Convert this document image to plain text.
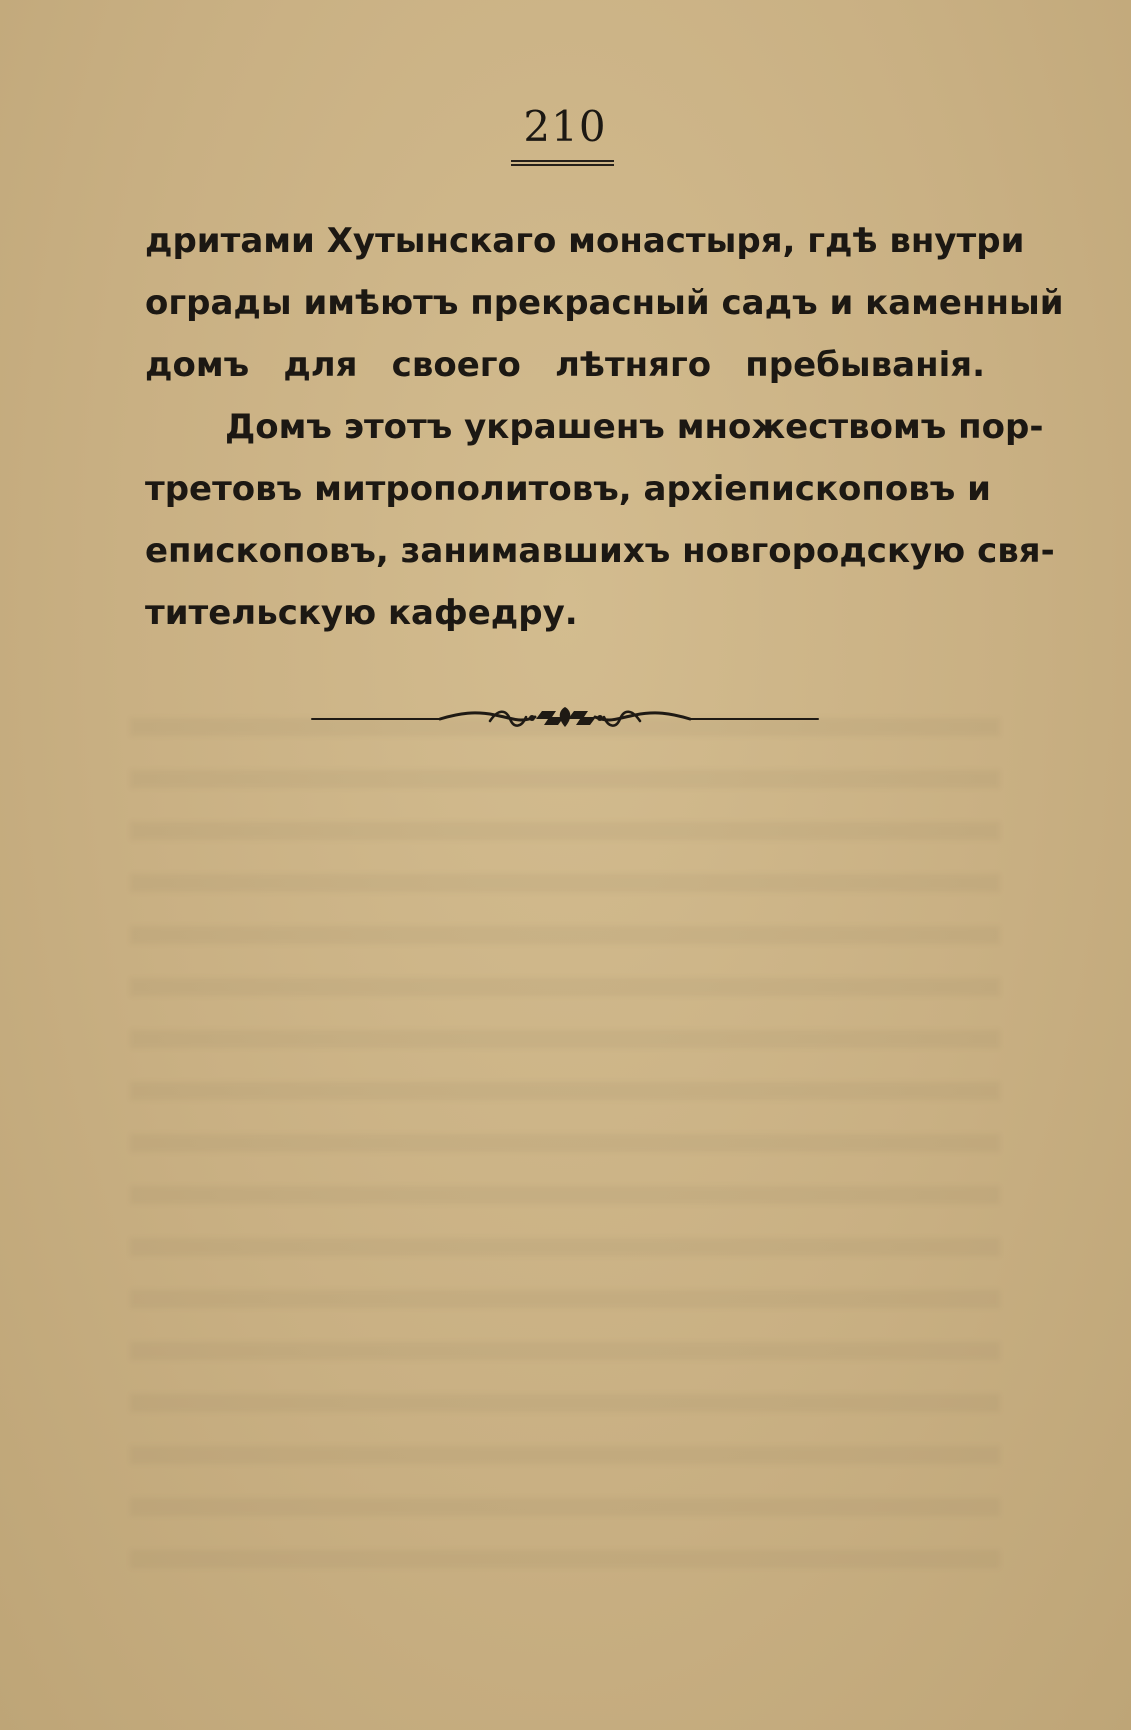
210
дритами Хутынскаго монастыря, гдѣ внутри
ограды имѣютъ прекрасный садъ и каменный
домъ для своего лѣтняго пребыванія.
Домъ этотъ украшенъ множествомъ пор-
третовъ митрополитовъ, архіепископовъ и
епископовъ, занимавшихъ новгородскую свя-
тительскую кафедру.
